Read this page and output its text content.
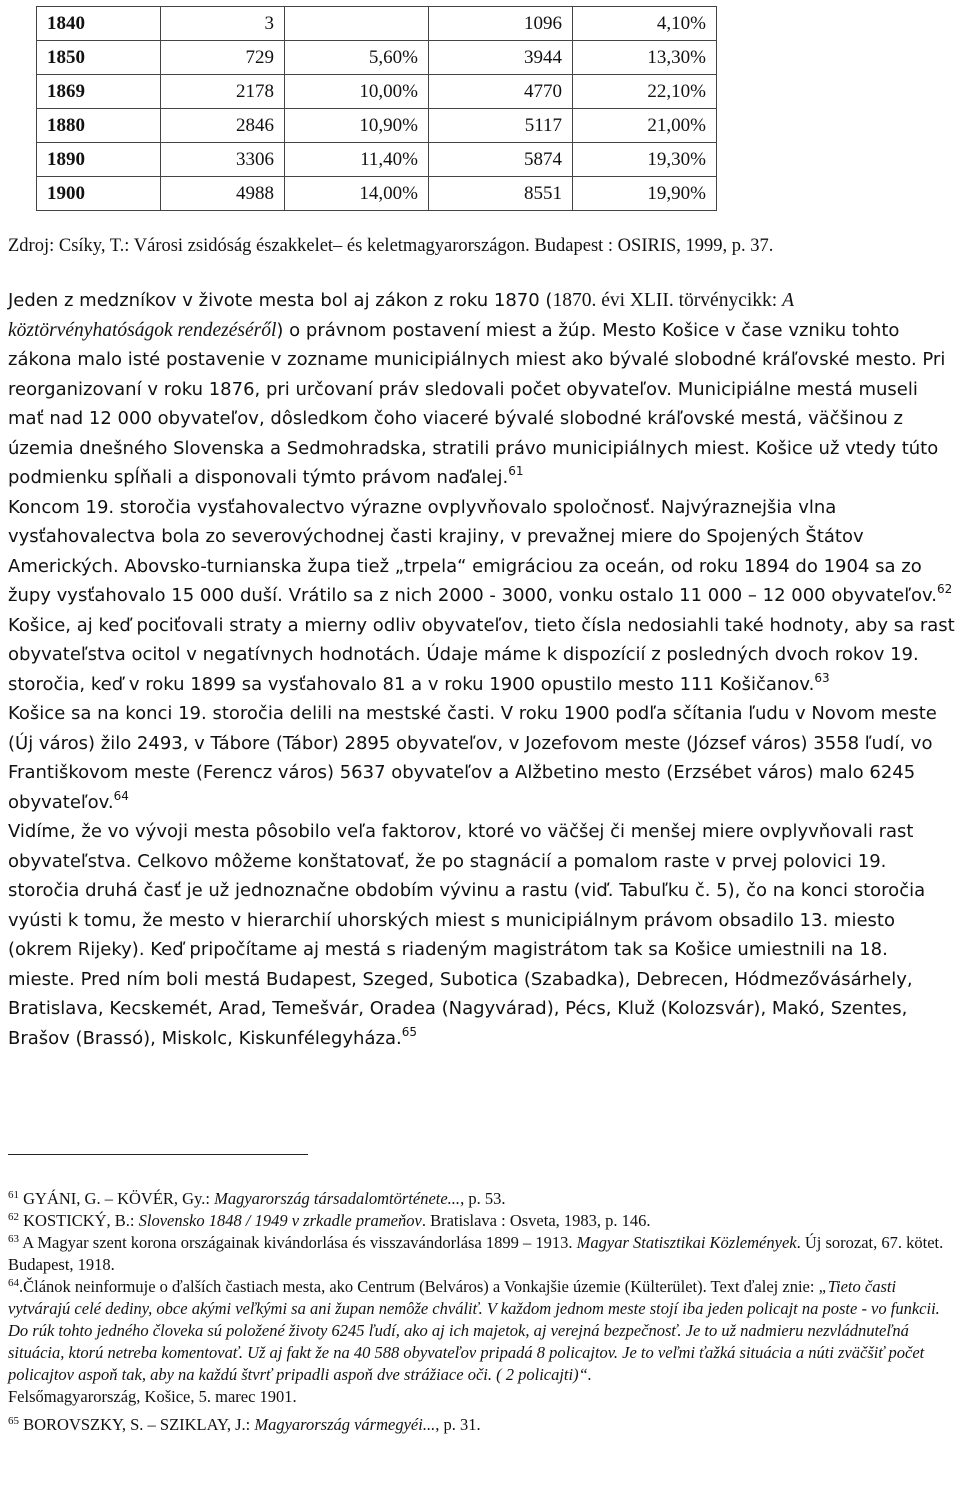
1840	3		1096	4,10%
1850	729	5,60%	3944	13,30%
1869	2178	10,00%	4770	22,10%
1880	2846	10,90%	5117	21,00%
1890	3306	11,40%	5874	19,30%
1900	4988	14,00%	8551	19,90%
Zdroj: Csíky, T.: Városi zsidóság északkelet– és keletmagyarországon. Budapest : OSIRIS, 1999, p. 37.

Jeden z medzníkov v živote mesta bol aj zákon z roku 1870 (1870. évi XLII. törvénycikk: A köztörvényhatóságok rendezéséről) o právnom postavení miest a žúp. Mesto Košice v čase vzniku tohto zákona malo isté postavenie v zozname municipiálnych miest ako bývalé slobodné kráľovské mesto. Pri reorganizovaní v roku 1876, pri určovaní práv sledovali počet obyvateľov. Municipiálne mestá museli mať nad 12 000 obyvateľov, dôsledkom čoho viaceré bývalé slobodné kráľovské mestá, väčšinou z územia dnešného Slovenska a Sedmohradska, stratili právo municipiálnych miest. Košice už vtedy túto podmienku spĺňali a disponovali týmto právom naďalej.$^{61}$

Koncom 19. storočia vysťahovalectvo výrazne ovplyvňovalo spoločnosť. Najvýraznejšia vlna vysťahovalectva bola zo severovýchodnej časti krajiny, v prevažnej miere do Spojených Štátov Amerických. Abovsko-turnianska župa tiež „trpela“ emigráciou za oceán, od roku 1894 do 1904 sa zo župy vysťahovalo 15 000 duší. Vrátilo sa z nich 2000 - 3000, vonku ostalo 11 000 – 12 000 obyvateľov.$^{62}$ Košice, aj keď pociťovali straty a mierny odliv obyvateľov, tieto čísla nedosiahli také hodnoty, aby sa rast obyvateľstva ocitol v negatívnych hodnotách. Údaje máme k dispozícií z posledných dvoch rokov 19. storočia, keď v roku 1899 sa vysťahovalo 81 a v roku 1900 opustilo mesto 111 Košičanov.$^{63}$

Košice sa na konci 19. storočia delili na mestské časti. V roku 1900 podľa sčítania ľudu v Novom meste (Új város) žilo 2493, v Tábore (Tábor) 2895 obyvateľov, v Jozefovom meste (József város) 3558 ľudí, vo Františkovom meste (Ferencz város) 5637 obyvateľov a Alžbetino mesto (Erzsébet város) malo 6245 obyvateľov.$^{64}$

Vidíme, že vo vývoji mesta pôsobilo veľa faktorov, ktoré vo väčšej či menšej miere ovplyvňovali rast obyvateľstva. Celkovo môžeme konštatovať, že po stagnácií a pomalom raste v prvej polovici 19. storočia druhá časť je už jednoznačne obdobím vývinu a rastu (viď. Tabuľku č. 5), čo na konci storočia vyústi k tomu, že mesto v hierarchií uhorských miest s municipiálnym právom obsadilo 13. miesto (okrem Rijeky). Keď pripočítame aj mestá s riadeným magistrátom tak sa Košice umiestnili na 18. mieste. Pred ním boli mestá Budapest, Szeged, Subotica (Szabadka), Debrecen, Hódmezővásárhely, Bratislava, Kecskemét, Arad, Temešvár, Oradea (Nagyvárad), Pécs, Kluž (Kolozsvár), Makó, Szentes, Brašov (Brassó), Miskolc, Kiskunfélegyháza.$^{65}$

$^{61}$ GYÁNI, G. – KÖVÉR, Gy.: Magyarország társadalomtörténete..., p. 53.

$^{62}$ KOSTICKÝ, B.: Slovensko 1848 / 1949 v zrkadle prameňov. Bratislava : Osveta, 1983, p. 146.

$^{63}$ A Magyar szent korona országainak kivándorlása és visszavándorlása 1899 – 1913. Magyar Statisztikai Közlemények. Új sorozat, 67. kötet. Budapest, 1918.

$^{64}$.Článok neinformuje o ďalších častiach mesta, ako Centrum (Belváros) a Vonkajšie územie (Külterület). Text ďalej znie: „Tieto časti vytvárajú celé dediny, obce akými veľkými sa ani župan nemôže chváliť. V každom jednom meste stojí iba jeden policajt na poste - vo funkcii. Do rúk tohto jedného človeka sú položené životy 6245 ľudí, ako aj ich majetok, aj verejná bezpečnosť. Je to už nadmieru nezvládnuteľná situácia, ktorú netreba komentovať. Už aj fakt že na 40 588 obyvateľov pripadá 8 policajtov. Je to veľmi ťažká situácia a núti zväčšiť počet policajtov aspoň tak, aby na každú štvrť pripadli aspoň dve strážiace oči. ( 2 policajti)“.

Felsőmagyarország, Košice, 5. marec 1901.

$^{65}$ BOROVSZKY, S. – SZIKLAY, J.: Magyarország vármegyéi..., p. 31.
